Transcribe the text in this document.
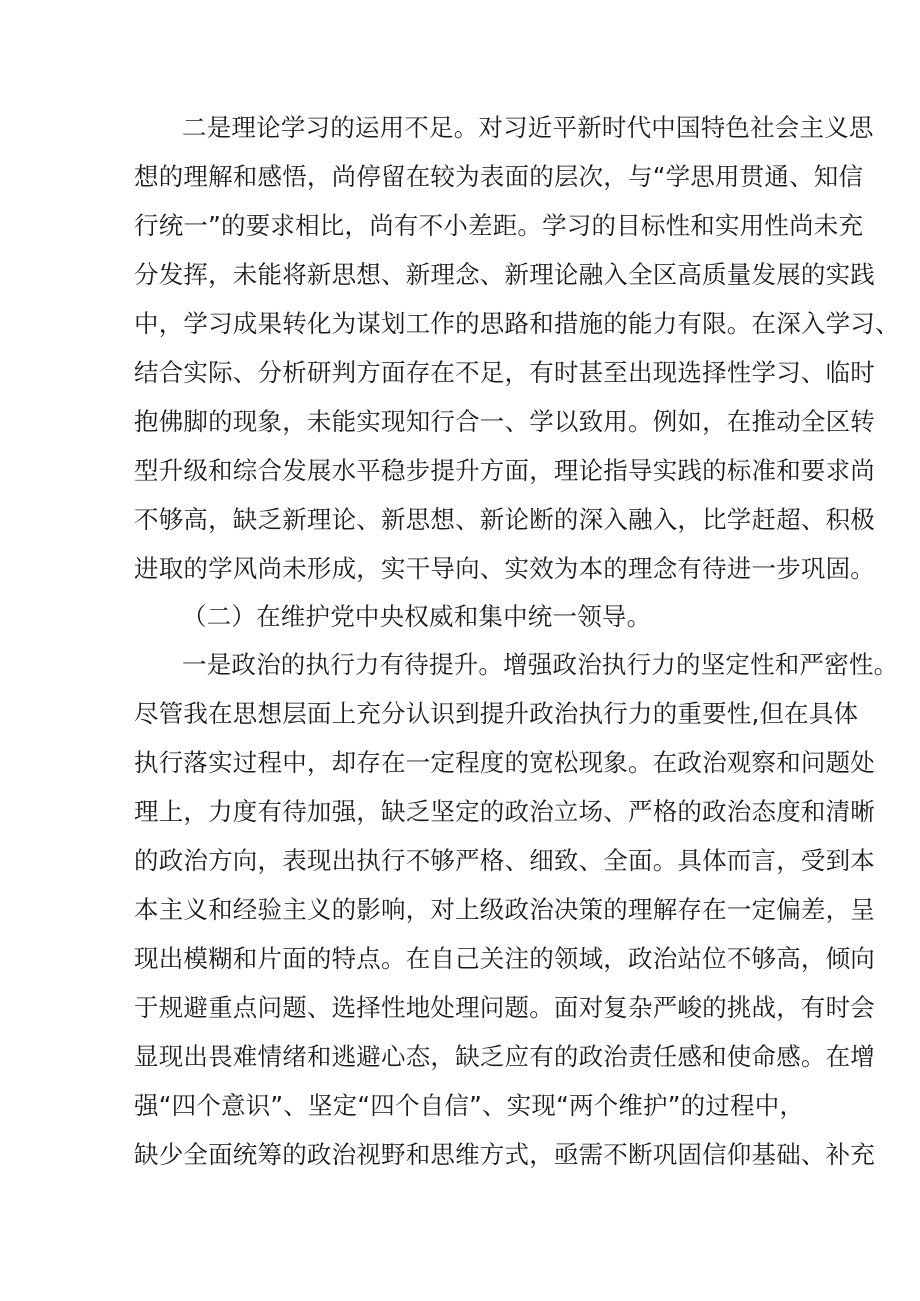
二是理论学习的运用不足。对习近平新时代中国特色社会主义思
想的理解和感悟，尚停留在较为表面的层次，与“学思用贯通、知信
行统一”的要求相比，尚有不小差距。学习的目标性和实用性尚未充
分发挥，未能将新思想、新理念、新理论融入全区高质量发展的实践
中，学习成果转化为谋划工作的思路和措施的能力有限。在深入学习、
结合实际、分析研判方面存在不足，有时甚至出现选择性学习、临时
抱佛脚的现象，未能实现知行合一、学以致用。例如，在推动全区转
型升级和综合发展水平稳步提升方面，理论指导实践的标准和要求尚
不够高，缺乏新理论、新思想、新论断的深入融入，比学赶超、积极
进取的学风尚未形成，实干导向、实效为本的理念有待进一步巩固。
（二）在维护党中央权威和集中统一领导。
一是政治的执行力有待提升。增强政治执行力的坚定性和严密性。
尽管我在思想层面上充分认识到提升政治执行力的重要性,但在具体
执行落实过程中，却存在一定程度的宽松现象。在政治观察和问题处
理上，力度有待加强，缺乏坚定的政治立场、严格的政治态度和清晰
的政治方向，表现出执行不够严格、细致、全面。具体而言，受到本
本主义和经验主义的影响，对上级政治决策的理解存在一定偏差，呈
现出模糊和片面的特点。在自己关注的领域，政治站位不够高，倾向
于规避重点问题、选择性地处理问题。面对复杂严峻的挑战，有时会
显现出畏难情绪和逃避心态，缺乏应有的政治责任感和使命感。在增
强“四个意识”、坚定“四个自信”、实现“两个维护”的过程中，
缺少全面统筹的政治视野和思维方式，亟需不断巩固信仰基础、补充
